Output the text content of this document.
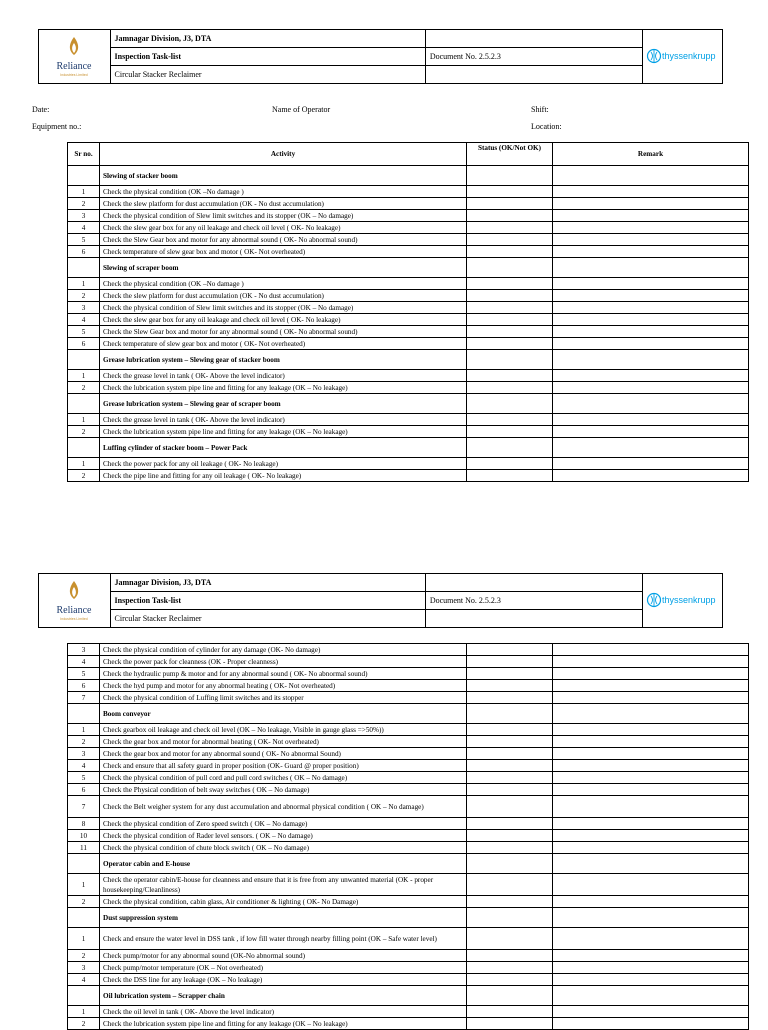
Reliance
Industries Limited	Jamnagar Division, J3, DTA		thyssenkrupp

	Inspection Task-list	Document No. 2.5.2.3	
	Circular Stacker Reclaimer		
Date:	Name of Operator	Shift:
Equipment no.:	Location:
Sr no.	Activity	Status (OK/Not OK)	Remark
	Slewing of stacker boom		
1	Check the physical condition (OK –No damage )		
2	Check the slew platform for dust accumulation (OK - No dust accumulation)		
3	Check the physical condition of Slew limit switches and its stopper (OK – No damage)		
4	Check the slew gear box for any oil leakage and check oil level ( OK- No leakage)		
5	Check the Slew Gear box and motor for any abnormal sound ( OK- No abnormal sound)		
6	Check temperature of slew gear box and motor ( OK- Not overheated)		
	Slewing of scraper boom		
1	Check the physical condition (OK –No damage )		
2	Check the slew platform for dust accumulation (OK - No dust accumulation)		
3	Check the physical condition of Slew limit switches and its stopper (OK – No damage)		
4	Check the slew gear box for any oil leakage and check oil level ( OK- No leakage)		
5	Check the Slew Gear box and motor for any abnormal sound ( OK- No abnormal sound)		
6	Check temperature of slew gear box and motor ( OK- Not overheated)		
	Grease lubrication system – Slewing gear of stacker boom		
1	Check the grease level in tank ( OK- Above the level indicator)		
2	Check the lubrication system pipe line and fitting for any leakage (OK – No leakage)		
	Grease lubrication system – Slewing gear of scraper boom		
1	Check the grease level in tank ( OK- Above the level indicator)		
2	Check the lubrication system pipe line and fitting for any leakage (OK – No leakage)		
	Luffing cylinder of stacker boom – Power Pack		
1	Check the power pack for any oil leakage ( OK- No leakage)		
2	Check the pipe line and fitting for any oil leakage ( OK- No leakage)		
Reliance
Industries Limited	Jamnagar Division, J3, DTA		thyssenkrupp

	Inspection Task-list	Document No. 2.5.2.3	
	Circular Stacker Reclaimer		
3	Check the physical condition of cylinder for any damage (OK- No damage)		
4	Check the power pack for cleanness (OK - Proper cleanness)		
5	Check the hydraulic pump & motor and for any abnormal sound ( OK- No abnormal sound)		
6	Check the hyd pump and motor for any abnormal heating ( OK- Not overheated)		
7	Check the physical condition of Luffing limit switches and its stopper		
	Boom conveyor		
1	Check gearbox oil leakage and check oil level (OK – No leakage, Visible in gauge glass =>50%))		
2	Check the gear box and motor for abnormal heating ( OK- Not overheated)		
3	Check the gear box and motor for any abnormal sound ( OK- No abnormal Sound)		
4	Check and ensure that all safety guard in proper position (OK- Guard @ proper position)		
5	Check the physical condition of pull cord and pull cord switches ( OK – No damage)		
6	Check the Physical condition of belt sway switches ( OK – No damage)		
7	Check the Belt weigher system for any dust accumulation and abnormal physical condition ( OK – No damage)		
8	Check the physical condition of Zero speed switch ( OK – No damage)		
10	Check the physical condition of Rader level sensors. ( OK – No damage)		
11	Check the physical condition of chute block switch ( OK – No damage)		
	Operator cabin and E-house		
1	Check the operator cabin/E-house for cleanness and ensure that it is free from any unwanted material (OK - proper housekeeping/Cleanliness)		
2	Check the physical condition, cabin glass, Air conditioner & lighting ( OK- No Damage)		
	Dust suppression system		
1	Check and ensure the water level in DSS tank , if low fill water through nearby filling point (OK – Safe water level)		
2	Check pump/motor for any abnormal sound (OK-No abnormal sound)		
3	Check pump/motor temperature (OK – Not overheated)		
4	Check the DSS line for any leakage (OK – No leakage)		
	Oil lubrication system – Scrapper chain		
1	Check the oil level in tank ( OK- Above the level indicator)		
2	Check the lubrication system pipe line and fitting for any leakage (OK – No leakage)		
